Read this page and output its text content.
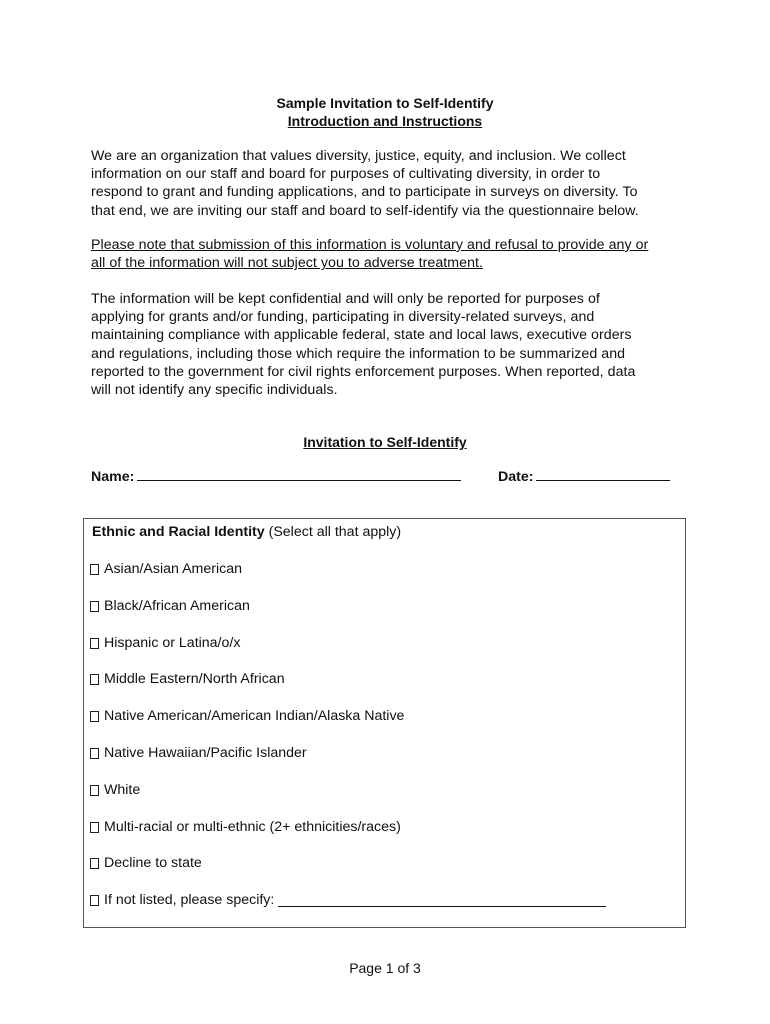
Sample Invitation to Self-Identify
Introduction and Instructions
We are an organization that values diversity, justice, equity, and inclusion. We collect
information on our staff and board for purposes of cultivating diversity, in order to
respond to grant and funding applications, and to participate in surveys on diversity. To
that end, we are inviting our staff and board to self-identify via the questionnaire below.
Please note that submission of this information is voluntary and refusal to provide any or
all of the information will not subject you to adverse treatment.
The information will be kept confidential and will only be reported for purposes of
applying for grants and/or funding, participating in diversity-related surveys, and
maintaining compliance with applicable federal, state and local laws, executive orders
and regulations, including those which require the information to be summarized and
reported to the government for civil rights enforcement purposes. When reported, data
will not identify any specific individuals.
Invitation to Self-Identify
Name:	Date:
Ethnic and Racial Identity (Select all that apply)
Asian/Asian American
Black/African American
Hispanic or Latina/o/x
Middle Eastern/North African
Native American/American Indian/Alaska Native
Native Hawaiian/Pacific Islander
White
Multi-racial or multi-ethnic (2+ ethnicities/races)
Decline to state
If not listed, please specify:
Page 1 of 3
